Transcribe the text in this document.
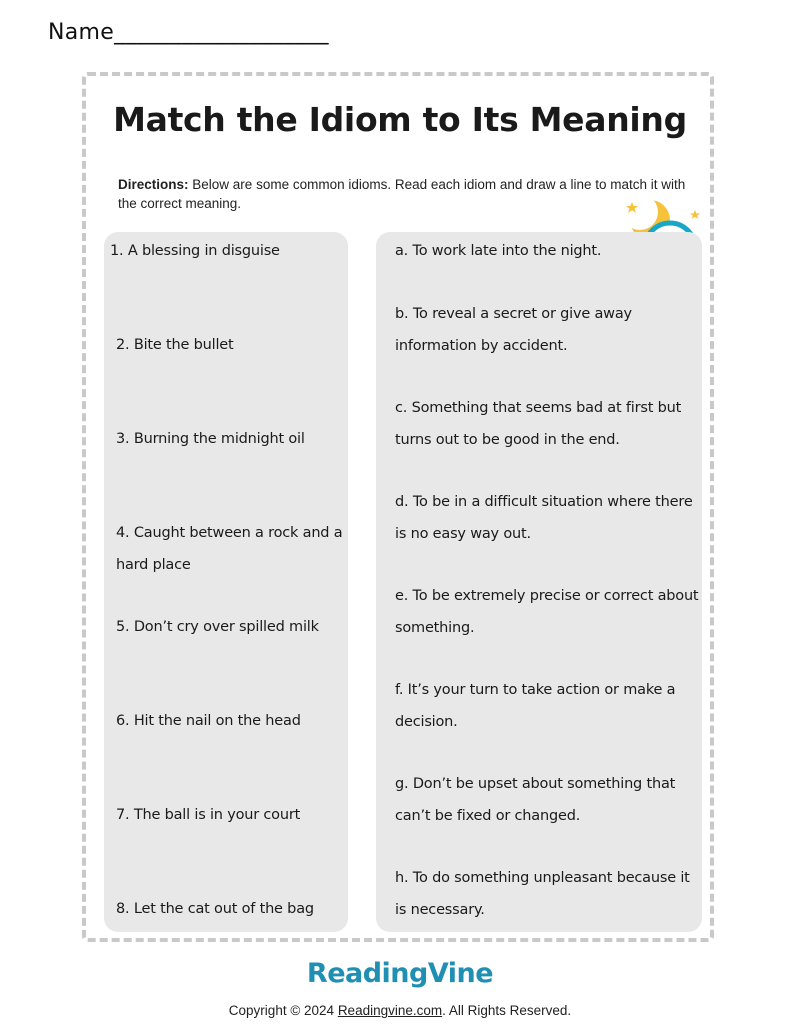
Name___________________
Match the Idiom to Its Meaning
Directions: Below are some common idioms. Read each idiom and draw a line to match it with the correct meaning.
1. A blessing in disguise
2. Bite the bullet
3. Burning the midnight oil
4. Caught between a rock and a hard place
5. Don’t cry over spilled milk
6. Hit the nail on the head
7. The ball is in your court
8. Let the cat out of the bag
a. To work late into the night.
b. To reveal a secret or give away information by accident.
c. Something that seems bad at first but turns out to be good in the end.
d. To be in a difficult situation where there is no easy way out.
e. To be extremely precise or correct about something.
f. It’s your turn to take action or make a decision.
g. Don’t be upset about something that can’t be fixed or changed.
h. To do something unpleasant because it is necessary.
ReadingVine
Copyright © 2024 Readingvine.com. All Rights Reserved.
